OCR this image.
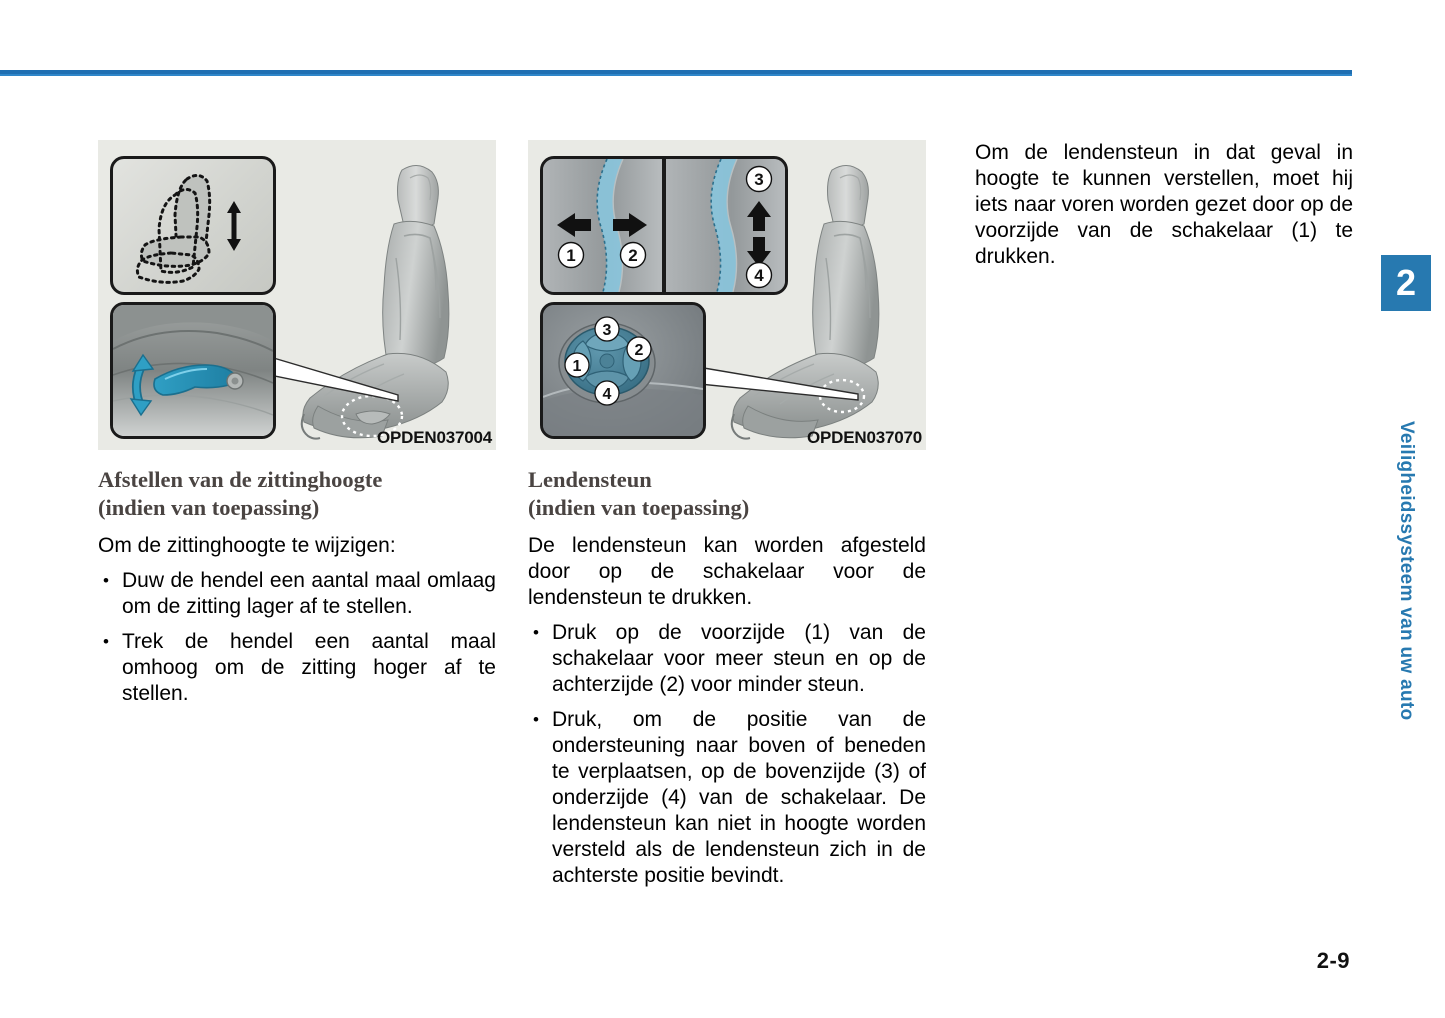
2
Veiligheidssysteem van uw auto
2‑9
OPDEN037004
Afstellen van de zittinghoogte
(indien van toepassing)

Om de zittinghoogte te wijzigen:

• Duw de hendel een aantal maal omlaag om de zitting lager af te stellen.
• Trek de hendel een aantal maal omhoog om de zitting hoger af te stellen.
1	2
3
4
3
2
1
4
OPDEN037070
Lendensteun
(indien van toepassing)

De lendensteun kan worden afgesteld door op de schakelaar voor de lendensteun te drukken.

• Druk op de voorzijde (1) van de schakelaar voor meer steun en op de achterzijde (2) voor minder steun.
• Druk, om de positie van de ondersteuning naar boven of beneden te verplaatsen, op de bovenzijde (3) of onderzijde (4) van de schakelaar. De lendensteun kan niet in hoogte worden versteld als de lendensteun zich in de achterste positie bevindt.

Om de lendensteun in dat geval in hoogte te kunnen verstellen, moet hij iets naar voren worden gezet door op de voorzijde van de schakelaar (1) te drukken.
